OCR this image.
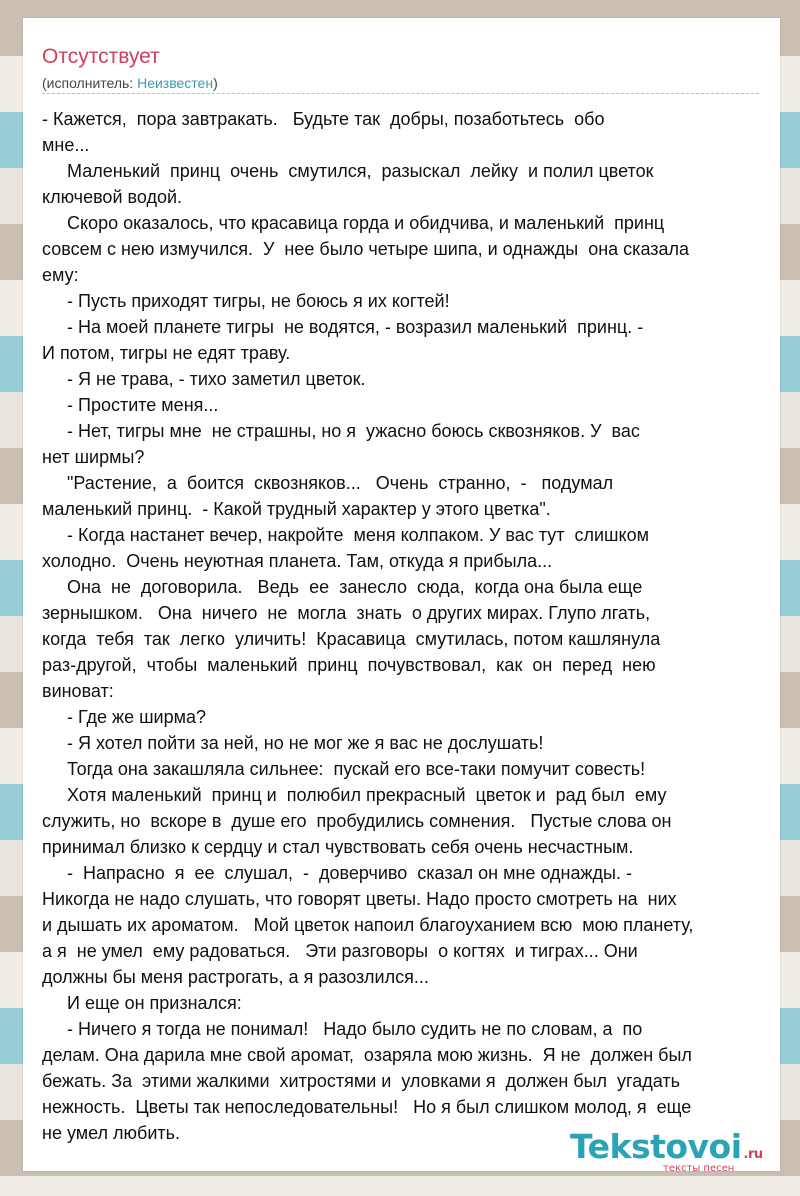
Отсутствует
(исполнитель: Неизвестен)
- Кажется,  пора завтракать.   Будьте так  добры, позаботьтесь  обо
мне...
Маленький  принц  очень  смутился,  разыскал  лейку  и полил цветок
ключевой водой.
Скоро оказалось, что красавица горда и обидчива, и маленький  принц
совсем с нею измучился.  У  нее было четыре шипа, и однажды  она сказала
ему:
- Пусть приходят тигры, не боюсь я их когтей!
- На моей планете тигры  не водятся, - возразил маленький  принц. -
И потом, тигры не едят траву.
- Я не трава, - тихо заметил цветок.
- Простите меня...
- Нет, тигры мне  не страшны, но я  ужасно боюсь сквозняков. У  вас
нет ширмы?
"Растение,  а  боится  сквозняков...   Очень  странно,  -   подумал
маленький принц.  - Какой трудный характер у этого цветка".
- Когда настанет вечер, накройте  меня колпаком. У вас тут  слишком
холодно.  Очень неуютная планета. Там, откуда я прибыла...
Она  не  договорила.   Ведь  ее  занесло  сюда,  когда она была еще
зернышком.   Она  ничего  не  могла  знать  о других мирах. Глупо лгать,
когда  тебя  так  легко  уличить!  Красавица  смутилась, потом кашлянула
раз-другой,  чтобы  маленький  принц  почувствовал,  как  он  перед  нею
виноват:
- Где же ширма?
- Я хотел пойти за ней, но не мог же я вас не дослушать!
Тогда она закашляла сильнее:  пускай его все-таки помучит совесть!
Хотя маленький  принц и  полюбил прекрасный  цветок и  рад был  ему
служить, но  вскоре в  душе его  пробудились сомнения.   Пустые слова он
принимал близко к сердцу и стал чувствовать себя очень несчастным.
-  Напрасно  я  ее  слушал,  -  доверчиво  сказал он мне однажды. -
Никогда не надо слушать, что говорят цветы. Надо просто смотреть на  них
и дышать их ароматом.   Мой цветок напоил благоуханием всю  мою планету,
а я  не умел  ему радоваться.   Эти разговоры  о когтях  и тиграх... Они
должны бы меня растрогать, а я разозлился...
И еще он признался:
- Ничего я тогда не понимал!   Надо было судить не по словам, а  по
делам. Она дарила мне свой аромат,  озаряла мою жизнь.  Я не  должен был
бежать. За  этими жалкими  хитростями и  уловками я  должен был  угадать
нежность.  Цветы так непоследовательны!   Но я был слишком молод, я  еще
не умел любить.	Tekstovoi .ru
тексты песен
